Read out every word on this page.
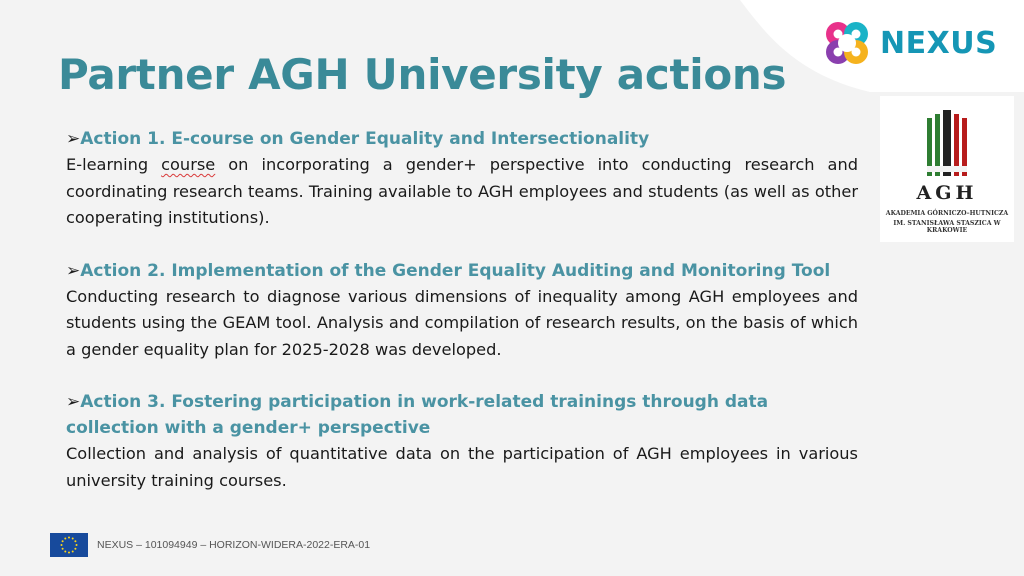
NEXUS
Partner AGH University actions
AGH
AKADEMIA GÓRNICZO–HUTNICZA
IM. STANISŁAWA STASZICA W KRAKOWIE
➢Action 1. E-course on Gender Equality and Intersectionality
E-learning course on incorporating a gender+ perspective into conducting research and coordinating research teams. Training available to AGH employees and students (as well as other cooperating institutions).
➢Action 2. Implementation of the Gender Equality Auditing and Monitoring Tool
Conducting research to diagnose various dimensions of inequality among AGH employees and students using the GEAM tool. Analysis and compilation of research results, on the basis of which a gender equality plan for 2025-2028 was developed.
➢Action 3. Fostering participation in work-related trainings through data collection with a gender+ perspective
Collection and analysis of quantitative data on the participation of AGH employees in various university training courses.
NEXUS – 101094949 – HORIZON-WIDERA-2022-ERA-01
